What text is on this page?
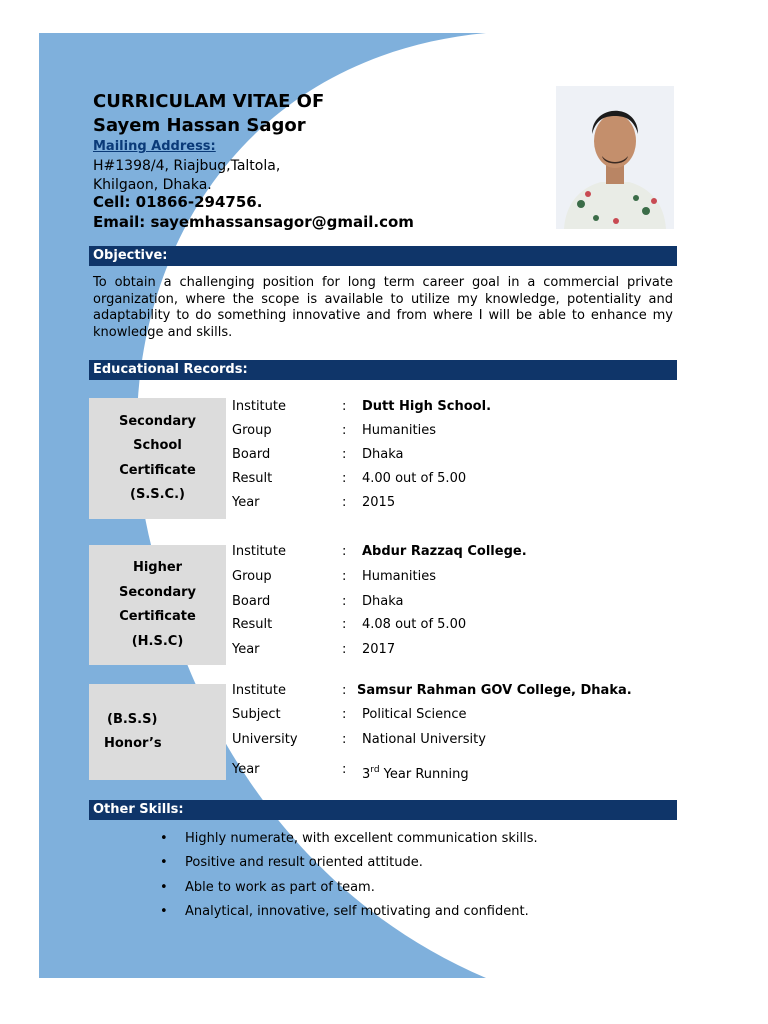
CURRICULAM VITAE OF
Sayem Hassan Sagor
Mailing Address:
H#1398/4, Riajbug,Taltola,
Khilgaon, Dhaka.
Cell: 01866-294756.
Email: sayemhassansagor@gmail.com
Objective:
To obtain a challenging position for long term career goal in a commercial private organization, where the scope is available to utilize my knowledge, potentiality and adaptability to do something innovative and from where I will be able to enhance my knowledge and skills.
Educational Records:
Secondary
School
Certificate
(S.S.C.)
Institute	: Dutt High School.
Group	: Humanities
Board	: Dhaka
Result	: 4.00 out of 5.00
Year	: 2015
Higher
Secondary
Certificate
(H.S.C)
Institute	: Abdur Razzaq College.
Group	: Humanities
Board	: Dhaka
Result	: 4.08 out of 5.00
Year	: 2017
(B.S.S)
Honor’s
Institute	: Samsur Rahman GOV College, Dhaka.
Subject	: Political Science
University	: National University
Year	: 3rd Year Running
Other Skills:
• Highly numerate, with excellent communication skills.
• Positive and result oriented attitude.
• Able to work as part of team.
• Analytical, innovative, self motivating and confident.
